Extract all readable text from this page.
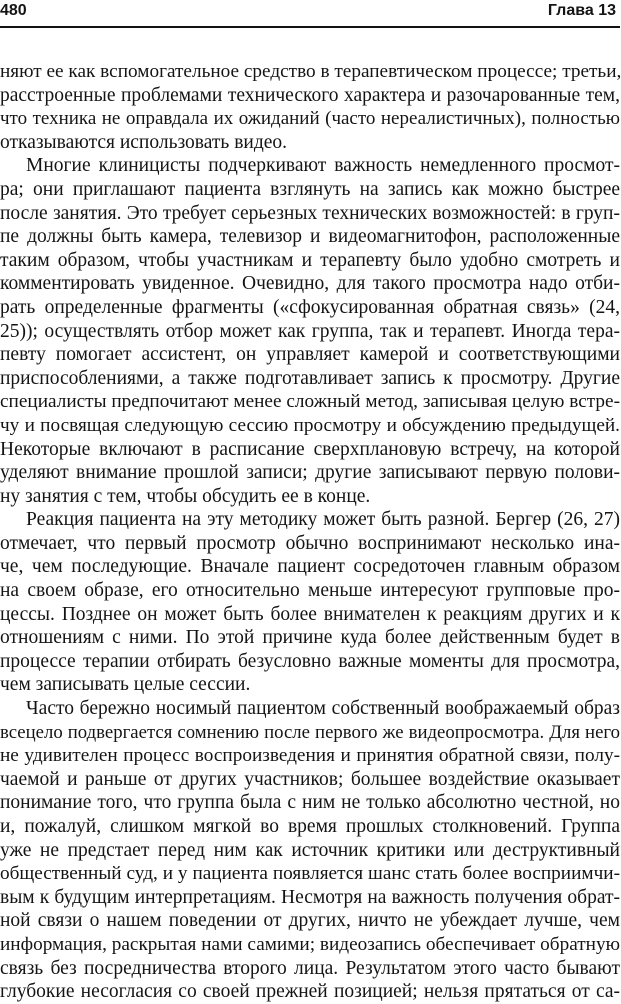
480	Глава 13
няют ее как вспомогательное средство в терапевтическом процессе; третьи,
расстроенные проблемами технического характера и разочарованные тем,
что техника не оправдала их ожиданий (часто нереалистичных), полностью
отказываются использовать видео.
Многие клиницисты подчеркивают важность немедленного просмот-
ра; они приглашают пациента взглянуть на запись как можно быстрее
после занятия. Это требует серьезных технических возможностей: в груп-
пе должны быть камера, телевизор и видеомагнитофон, расположенные
таким образом, чтобы участникам и терапевту было удобно смотреть и
комментировать увиденное. Очевидно, для такого просмотра надо отби-
рать определенные фрагменты («сфокусированная обратная связь» (24,
25)); осуществлять отбор может как группа, так и терапевт. Иногда тера-
певту помогает ассистент, он управляет камерой и соответствующими
приспособлениями, а также подготавливает запись к просмотру. Другие
специалисты предпочитают менее сложный метод, записывая целую встре-
чу и посвящая следующую сессию просмотру и обсуждению предыдущей.
Некоторые включают в расписание сверхплановую встречу, на которой
уделяют внимание прошлой записи; другие записывают первую полови-
ну занятия с тем, чтобы обсудить ее в конце.
Реакция пациента на эту методику может быть разной. Бергер (26, 27)
отмечает, что первый просмотр обычно воспринимают несколько ина-
че, чем последующие. Вначале пациент сосредоточен главным образом
на своем образе, его относительно меньше интересуют групповые про-
цессы. Позднее он может быть более внимателен к реакциям других и к
отношениям с ними. По этой причине куда более действенным будет в
процессе терапии отбирать безусловно важные моменты для просмотра,
чем записывать целые сессии.
Часто бережно носимый пациентом собственный воображаемый образ
всецело подвергается сомнению после первого же видеопросмотра. Для него
не удивителен процесс воспроизведения и принятия обратной связи, полу-
чаемой и раньше от других участников; большее воздействие оказывает
понимание того, что группа была с ним не только абсолютно честной, но
и, пожалуй, слишком мягкой во время прошлых столкновений. Группа
уже не предстает перед ним как источник критики или деструктивный
общественный суд, и у пациента появляется шанс стать более восприимчи-
вым к будущим интерпретациям. Несмотря на важность получения обрат-
ной связи о нашем поведении от других, ничто не убеждает лучше, чем
информация, раскрытая нами самими; видеозапись обеспечивает обратную
связь без посредничества второго лица. Результатом этого часто бывают
глубокие несогласия со своей прежней позицией; нельзя прятаться от са-
